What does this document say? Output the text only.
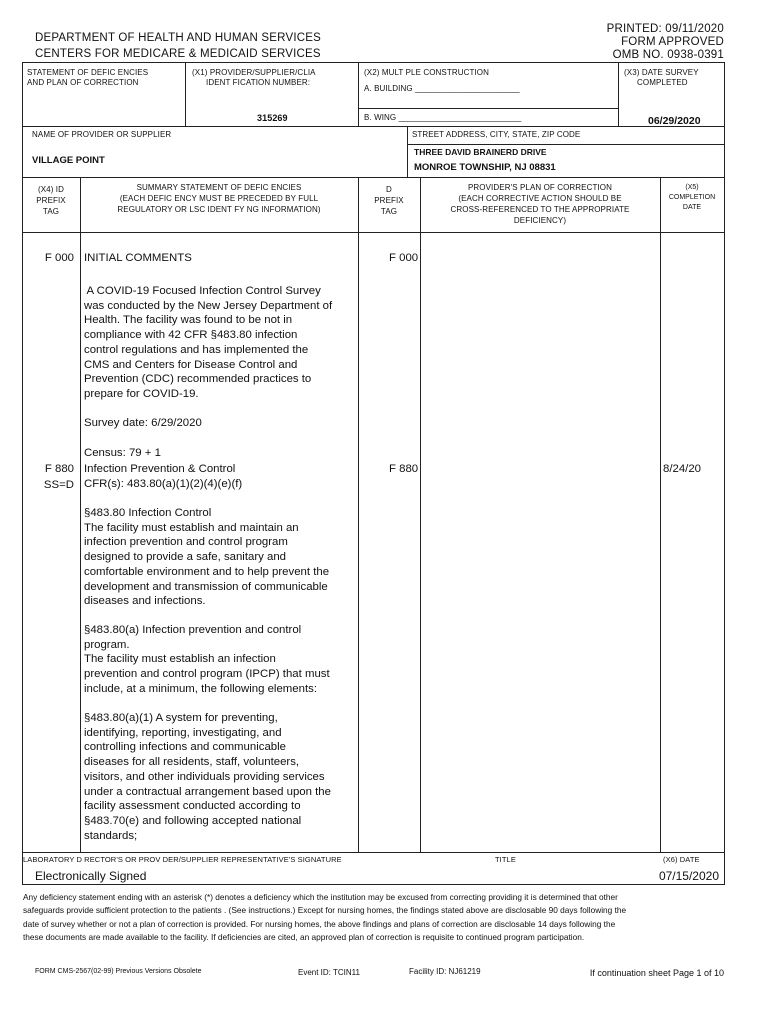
DEPARTMENT OF HEALTH AND HUMAN SERVICES
CENTERS FOR MEDICARE & MEDICAID SERVICES
PRINTED: 09/11/2020
FORM APPROVED
OMB NO. 0938-0391
STATEMENT OF DEFIC ENCIES
AND PLAN OF CORRECTION
(X1) PROVIDER/SUPPLIER/CLIA
IDENT FICATION NUMBER:
315269
(X2) MULT PLE CONSTRUCTION
A. BUILDING _______________________
B. WING ___________________________
(X3) DATE SURVEY
COMPLETED
06/29/2020
NAME OF PROVIDER OR SUPPLIER
VILLAGE POINT
STREET ADDRESS, CITY, STATE, ZIP CODE
THREE DAVID BRAINERD DRIVE
MONROE TOWNSHIP, NJ 08831
(X4) ID
PREFIX
TAG
SUMMARY STATEMENT OF DEFIC ENCIES
(EACH DEFIC ENCY MUST BE PRECEDED BY FULL
REGULATORY OR LSC IDENT FY NG INFORMATION)
D
PREFIX
TAG
PROVIDER'S PLAN OF CORRECTION
(EACH CORRECTIVE ACTION SHOULD BE
CROSS-REFERENCED TO THE APPROPRIATE
DEFICIENCY)
(X5)
COMPLETION
DATE
F 000 INITIAL COMMENTS	F 000
A COVID-19 Focused Infection Control Survey
was conducted by the New Jersey Department of
Health. The facility was found to be not in
compliance with 42 CFR §483.80 infection
control regulations and has implemented the
CMS and Centers for Disease Control and
Prevention (CDC) recommended practices to
prepare for COVID-19.
Survey date: 6/29/2020
Census: 79 + 1
F 880
SS=D
Infection Prevention & Control
CFR(s): 483.80(a)(1)(2)(4)(e)(f)
F 880	8/24/20
§483.80 Infection Control
The facility must establish and maintain an
infection prevention and control program
designed to provide a safe, sanitary and
comfortable environment and to help prevent the
development and transmission of communicable
diseases and infections.
§483.80(a) Infection prevention and control
program.
The facility must establish an infection
prevention and control program (IPCP) that must
include, at a minimum, the following elements:
§483.80(a)(1) A system for preventing,
identifying, reporting, investigating, and
controlling infections and communicable
diseases for all residents, staff, volunteers,
visitors, and other individuals providing services
under a contractual arrangement based upon the
facility assessment conducted according to
§483.70(e) and following accepted national
standards;
LABORATORY D RECTOR'S OR PROV DER/SUPPLIER REPRESENTATIVE'S SIGNATURE	TITLE	(X6) DATE
Electronically Signed	07/15/2020
Any deficiency statement ending with an asterisk (*) denotes a deficiency which the institution may be excused from correcting providing it is determined that other
safeguards provide sufficient protection to the patients . (See instructions.) Except for nursing homes, the findings stated above are disclosable 90 days following the
date of survey whether or not a plan of correction is provided. For nursing homes, the above findings and plans of correction are disclosable 14 days following the
these documents are made available to the facility. If deficiencies are cited, an approved plan of correction is requisite to continued program participation.
FORM CMS-2567(02-99) Previous Versions Obsolete	Event ID: TCIN11	Facility ID: NJ61219	If continuation sheet Page 1 of 10
